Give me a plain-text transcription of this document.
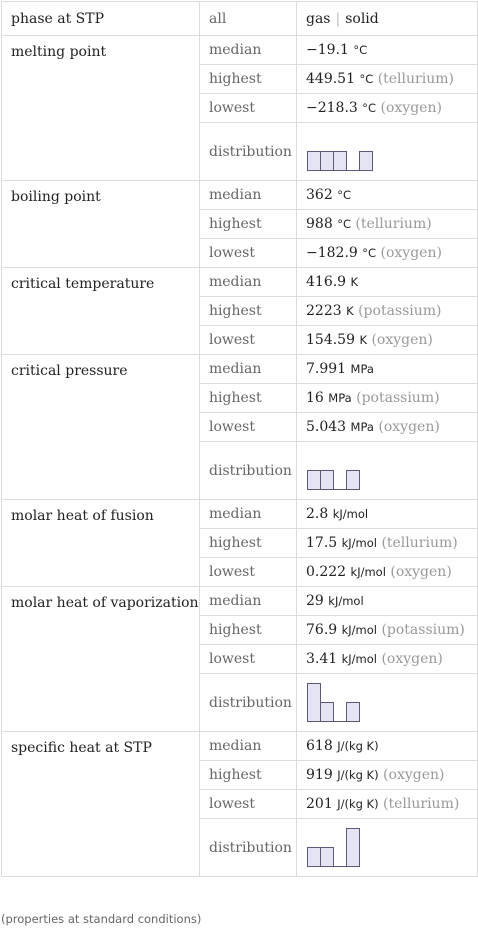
phase at STP	all	gas | solid
melting point	median	−19.1 °C
	highest	449.51 °C (tellurium)
	lowest	−218.3 °C (oxygen)
	distribution	

boiling point	median	362 °C
	highest	988 °C (tellurium)
	lowest	−182.9 °C (oxygen)
critical temperature	median	416.9 K
	highest	2223 K (potassium)
	lowest	154.59 K (oxygen)
critical pressure	median	7.991 MPa
	highest	16 MPa (potassium)
	lowest	5.043 MPa (oxygen)
	distribution	

molar heat of fusion	median	2.8 kJ/mol
	highest	17.5 kJ/mol (tellurium)
	lowest	0.222 kJ/mol (oxygen)
molar heat of vaporization	median	29 kJ/mol
	highest	76.9 kJ/mol (potassium)
	lowest	3.41 kJ/mol (oxygen)
	distribution	

specific heat at STP	median	618 J/(kg K)
	highest	919 J/(kg K) (oxygen)
	lowest	201 J/(kg K) (tellurium)
	distribution	
(properties at standard conditions)
